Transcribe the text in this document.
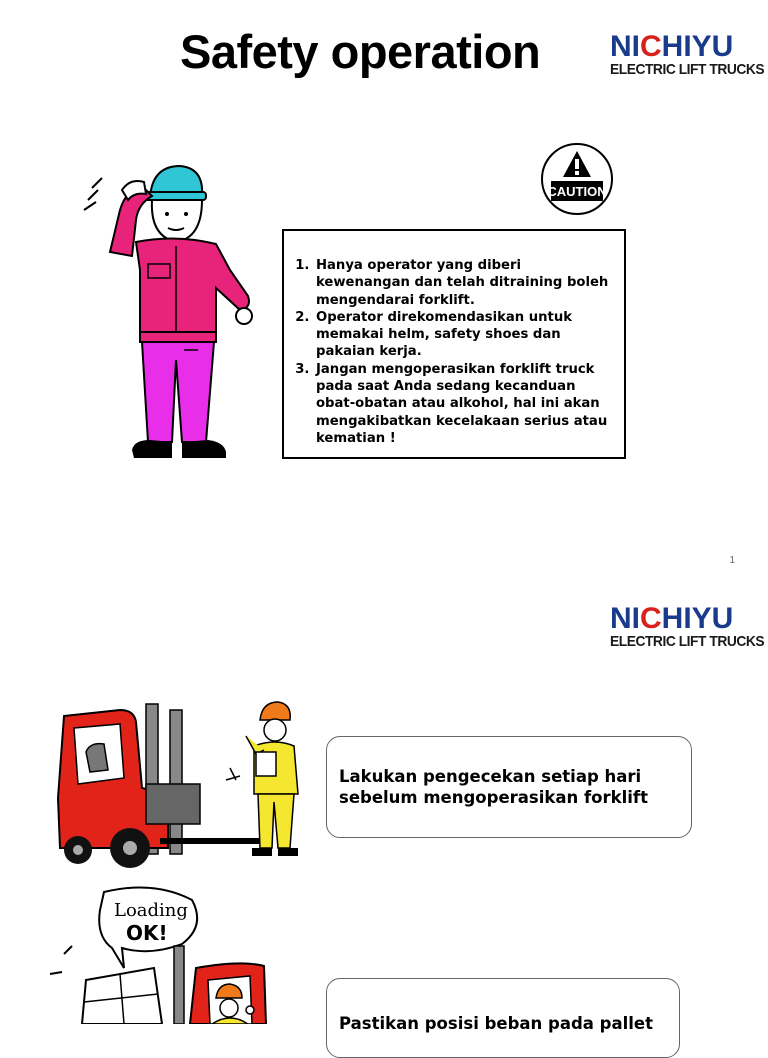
Safety operation NICHIYU
ELECTRIC LIFT TRUCKS
CAUTION
1. Hanya operator yang diberi kewenangan dan telah ditraining boleh mengendarai forklift.
2. Operator direkomendasikan untuk memakai helm, safety shoes dan pakaian kerja.
3. Jangan mengoperasikan forklift truck pada saat Anda sedang kecanduan obat-obatan atau alkohol, hal ini akan mengakibatkan kecelakaan serius atau kematian !
1
NICHIYU
ELECTRIC LIFT TRUCKS
Lakukan pengecekan setiap hari sebelum mengoperasikan forklift
Loading
OK!
Pastikan posisi beban pada pallet
